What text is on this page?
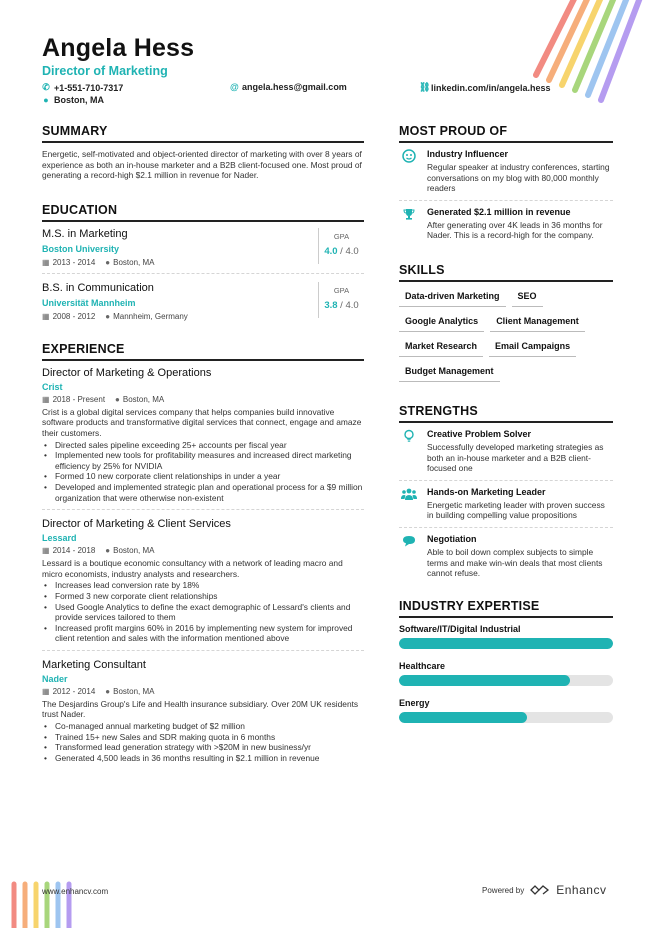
Angela Hess
Director of Marketing
✆ +1-551-710-7317	@ angela.hess@gmail.com	⛓ linkedin.com/in/angela.hess
● Boston, MA
SUMMARY
Energetic, self-motivated and object-oriented director of marketing with over 8 years of experience as both an in-house marketer and a B2B client-focused one. Most proud of generating a record-high $2.1 million in revenue for Nader.
EDUCATION
M.S. in Marketing
Boston University
▦ 2013 - 2014 ● Boston, MA
GPA
4.0 / 4.0
B.S. in Communication
Universität Mannheim
▦ 2008 - 2012 ● Mannheim, Germany
GPA
3.8 / 4.0
EXPERIENCE
Director of Marketing & Operations
Crist
▦ 2018 - Present ● Boston, MA
Crist is a global digital services company that helps companies build innovative software products and transformative digital services that connect, engage and amaze their customers.
• Directed sales pipeline exceeding 25+ accounts per fiscal year
• Implemented new tools for profitability measures and increased direct marketing efficiency by 25% for NVIDIA
• Formed 10 new corporate client relationships in under a year
• Developed and implemented strategic plan and operational process for a $9 million organization that were otherwise non-existent
Director of Marketing & Client Services
Lessard
▦ 2014 - 2018 ● Boston, MA
Lessard is a boutique economic consultancy with a network of leading macro and micro economists, industry analysts and researchers.
• Increases lead conversion rate by 18%
• Formed 3 new corporate client relationships
• Used Google Analytics to define the exact demographic of Lessard's clients and provide services tailored to them
• Increased profit margins 60% in 2016 by implementing new system for improved client retention and sales with the information mentioned above
Marketing Consultant
Nader
▦ 2012 - 2014 ● Boston, MA
The Desjardins Group's Life and Health insurance subsidiary. Over 20M UK residents trust Nader.
• Co-managed annual marketing budget of $2 million
• Trained 15+ new Sales and SDR making quota in 6 months
• Transformed lead generation strategy with >$20M in new business/yr
• Generated 4,500 leads in 36 months resulting in $2.1 million in revenue
MOST PROUD OF
Industry Influencer
Regular speaker at industry conferences, starting conversations on my blog with 80,000 monthly readers
Generated $2.1 million in revenue
After generating over 4K leads in 36 months for Nader. This is a record-high for the company.
SKILLS
Data-driven Marketing	SEO
Google Analytics	Client Management
Market Research	Email Campaigns
Budget Management
STRENGTHS
Creative Problem Solver
Successfully developed marketing strategies as both an in-house marketer and a B2B client-focused one
Hands-on Marketing Leader
Energetic marketing leader with proven success in building compelling value propositions
Negotiation
Able to boil down complex subjects to simple terms and make win-win deals that most clients cannot refuse.
INDUSTRY EXPERTISE
Software/IT/Digital Industrial
Healthcare
Energy
www.enhancv.com	Powered by	Enhancv
